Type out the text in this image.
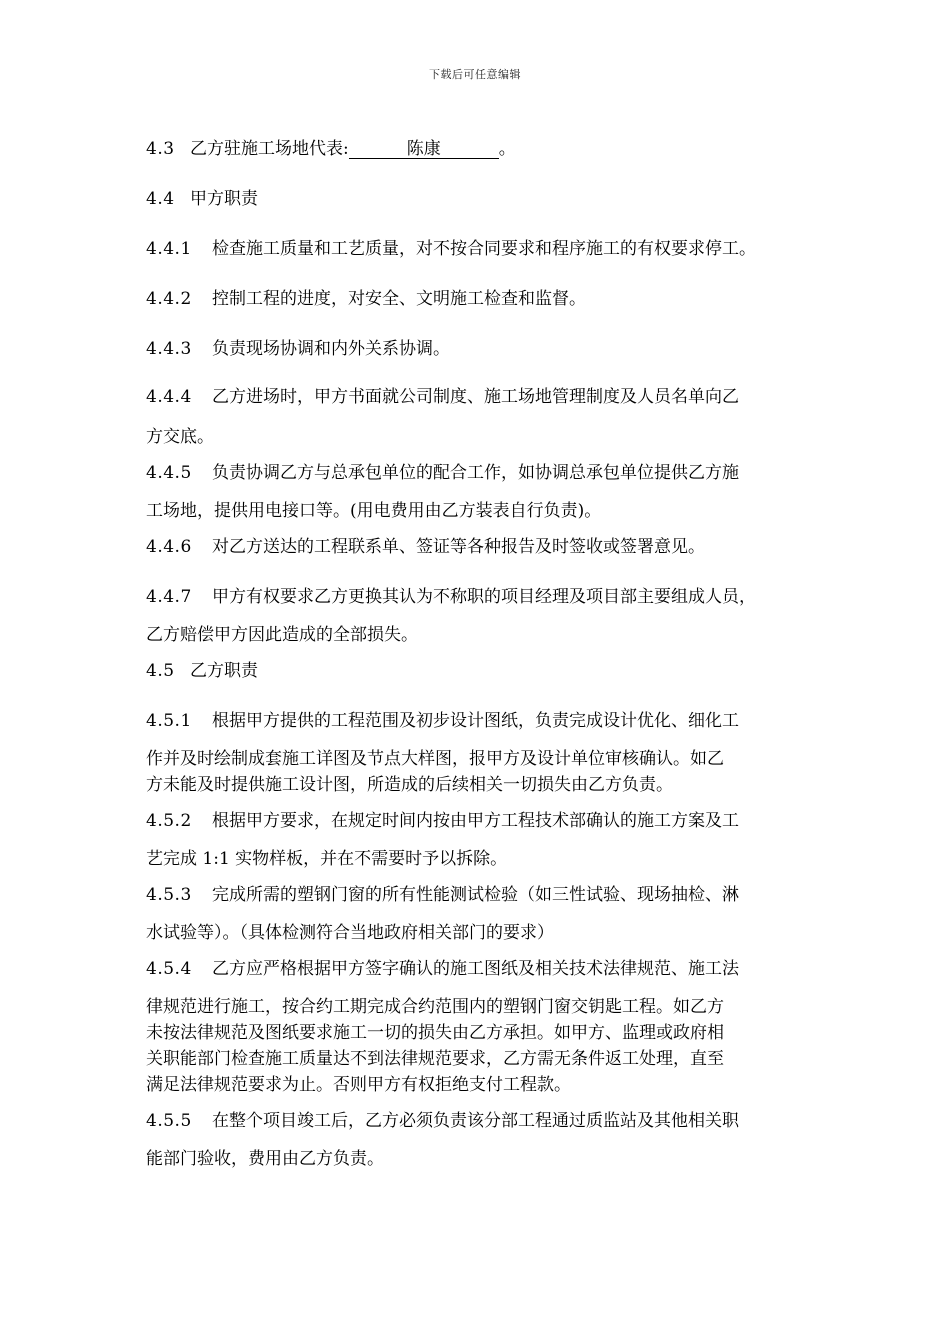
下载后可任意编辑
4.3 乙方驻施工场地代表:	陈康	。
4.4 甲方职责
4.4.1 检查施工质量和工艺质量，对不按合同要求和程序施工的有权要求停工。
4.4.2 控制工程的进度，对安全、文明施工检查和监督。
4.4.3 负责现场协调和内外关系协调。
4.4.4 乙方进场时，甲方书面就公司制度、施工场地管理制度及人员名单向乙
方交底。
4.4.5 负责协调乙方与总承包单位的配合工作，如协调总承包单位提供乙方施
工场地，提供用电接口等。(用电费用由乙方装表自行负责)。
4.4.6 对乙方送达的工程联系单、签证等各种报告及时签收或签署意见。
4.4.7 甲方有权要求乙方更换其认为不称职的项目经理及项目部主要组成人员，
乙方赔偿甲方因此造成的全部损失。
4.5 乙方职责
4.5.1 根据甲方提供的工程范围及初步设计图纸，负责完成设计优化、细化工
作并及时绘制成套施工详图及节点大样图，报甲方及设计单位审核确认。如乙
方未能及时提供施工设计图，所造成的后续相关一切损失由乙方负责。
4.5.2 根据甲方要求，在规定时间内按由甲方工程技术部确认的施工方案及工
艺完成 1:1 实物样板，并在不需要时予以拆除。
4.5.3 完成所需的塑钢门窗的所有性能测试检验（如三性试验、现场抽检、淋
水试验等）。（具体检测符合当地政府相关部门的要求）
4.5.4 乙方应严格根据甲方签字确认的施工图纸及相关技术法律规范、施工法
律规范进行施工，按合约工期完成合约范围内的塑钢门窗交钥匙工程。如乙方
未按法律规范及图纸要求施工一切的损失由乙方承担。如甲方、监理或政府相
关职能部门检查施工质量达不到法律规范要求，乙方需无条件返工处理，直至
满足法律规范要求为止。否则甲方有权拒绝支付工程款。
4.5.5 在整个项目竣工后，乙方必须负责该分部工程通过质监站及其他相关职
能部门验收，费用由乙方负责。
